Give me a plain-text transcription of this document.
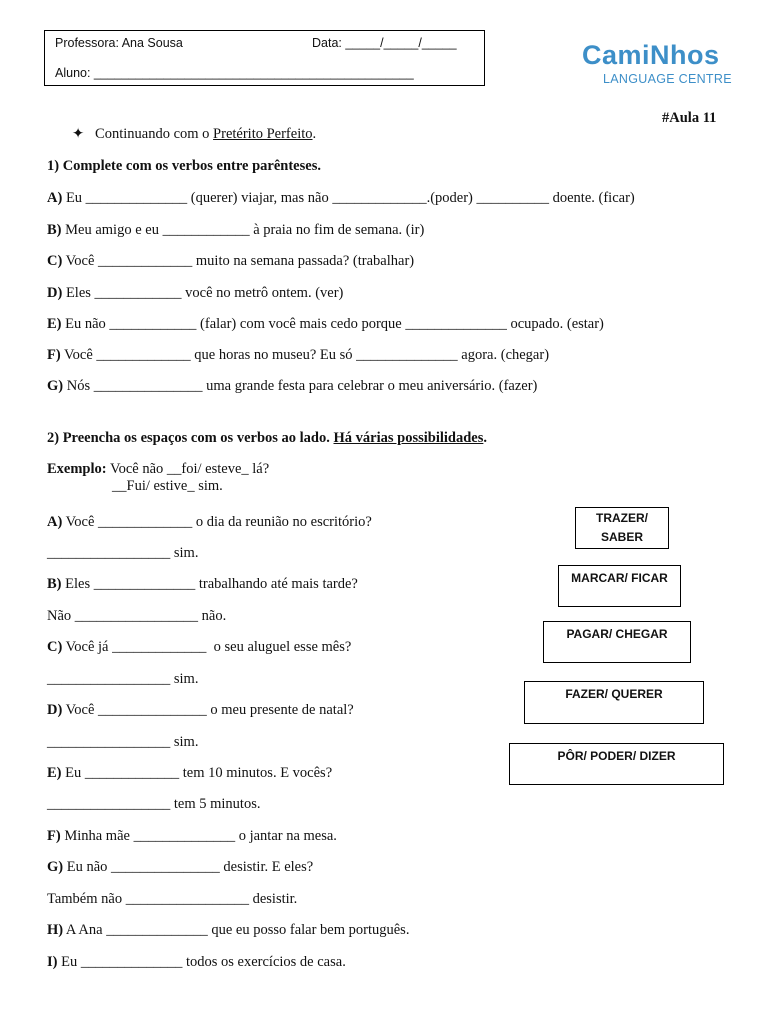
Professora: Ana Sousa	Data: _____/_____/_____
Aluno: ______________________________________________
CamiNhos
LANGUAGE CENTRE
#Aula 11
✦ Continuando com o Pretérito Perfeito.
1) Complete com os verbos entre parênteses.
A) Eu ______________ (querer) viajar, mas não _____________.(poder) __________ doente. (ficar)
B) Meu amigo e eu ____________ à praia no fim de semana. (ir)
C) Você _____________ muito na semana passada? (trabalhar)
D) Eles ____________ você no metrô ontem. (ver)
E) Eu não ____________ (falar) com você mais cedo porque ______________ ocupado. (estar)
F) Você _____________ que horas no museu? Eu só ______________ agora. (chegar)
G) Nós _______________ uma grande festa para celebrar o meu aniversário. (fazer)
2) Preencha os espaços com os verbos ao lado. Há várias possibilidades.
Exemplo: Você não __foi/ esteve_ lá?
__Fui/ estive_ sim.
A) Você _____________ o dia da reunião no escritório?
_________________ sim.
B) Eles ______________ trabalhando até mais tarde?
Não _________________ não.
C) Você já _____________  o seu aluguel esse mês?
_________________ sim.
D) Você _______________ o meu presente de natal?
_________________ sim.
E) Eu _____________ tem 10 minutos. E vocês?
_________________ tem 5 minutos.
F) Minha mãe ______________ o jantar na mesa.
G) Eu não _______________ desistir. E eles?
Também não _________________ desistir.
H) A Ana ______________ que eu posso falar bem português.
I) Eu ______________ todos os exercícios de casa.
TRAZER/
SABER
MARCAR/ FICAR
PAGAR/ CHEGAR
FAZER/ QUERER
PÔR/ PODER/ DIZER
